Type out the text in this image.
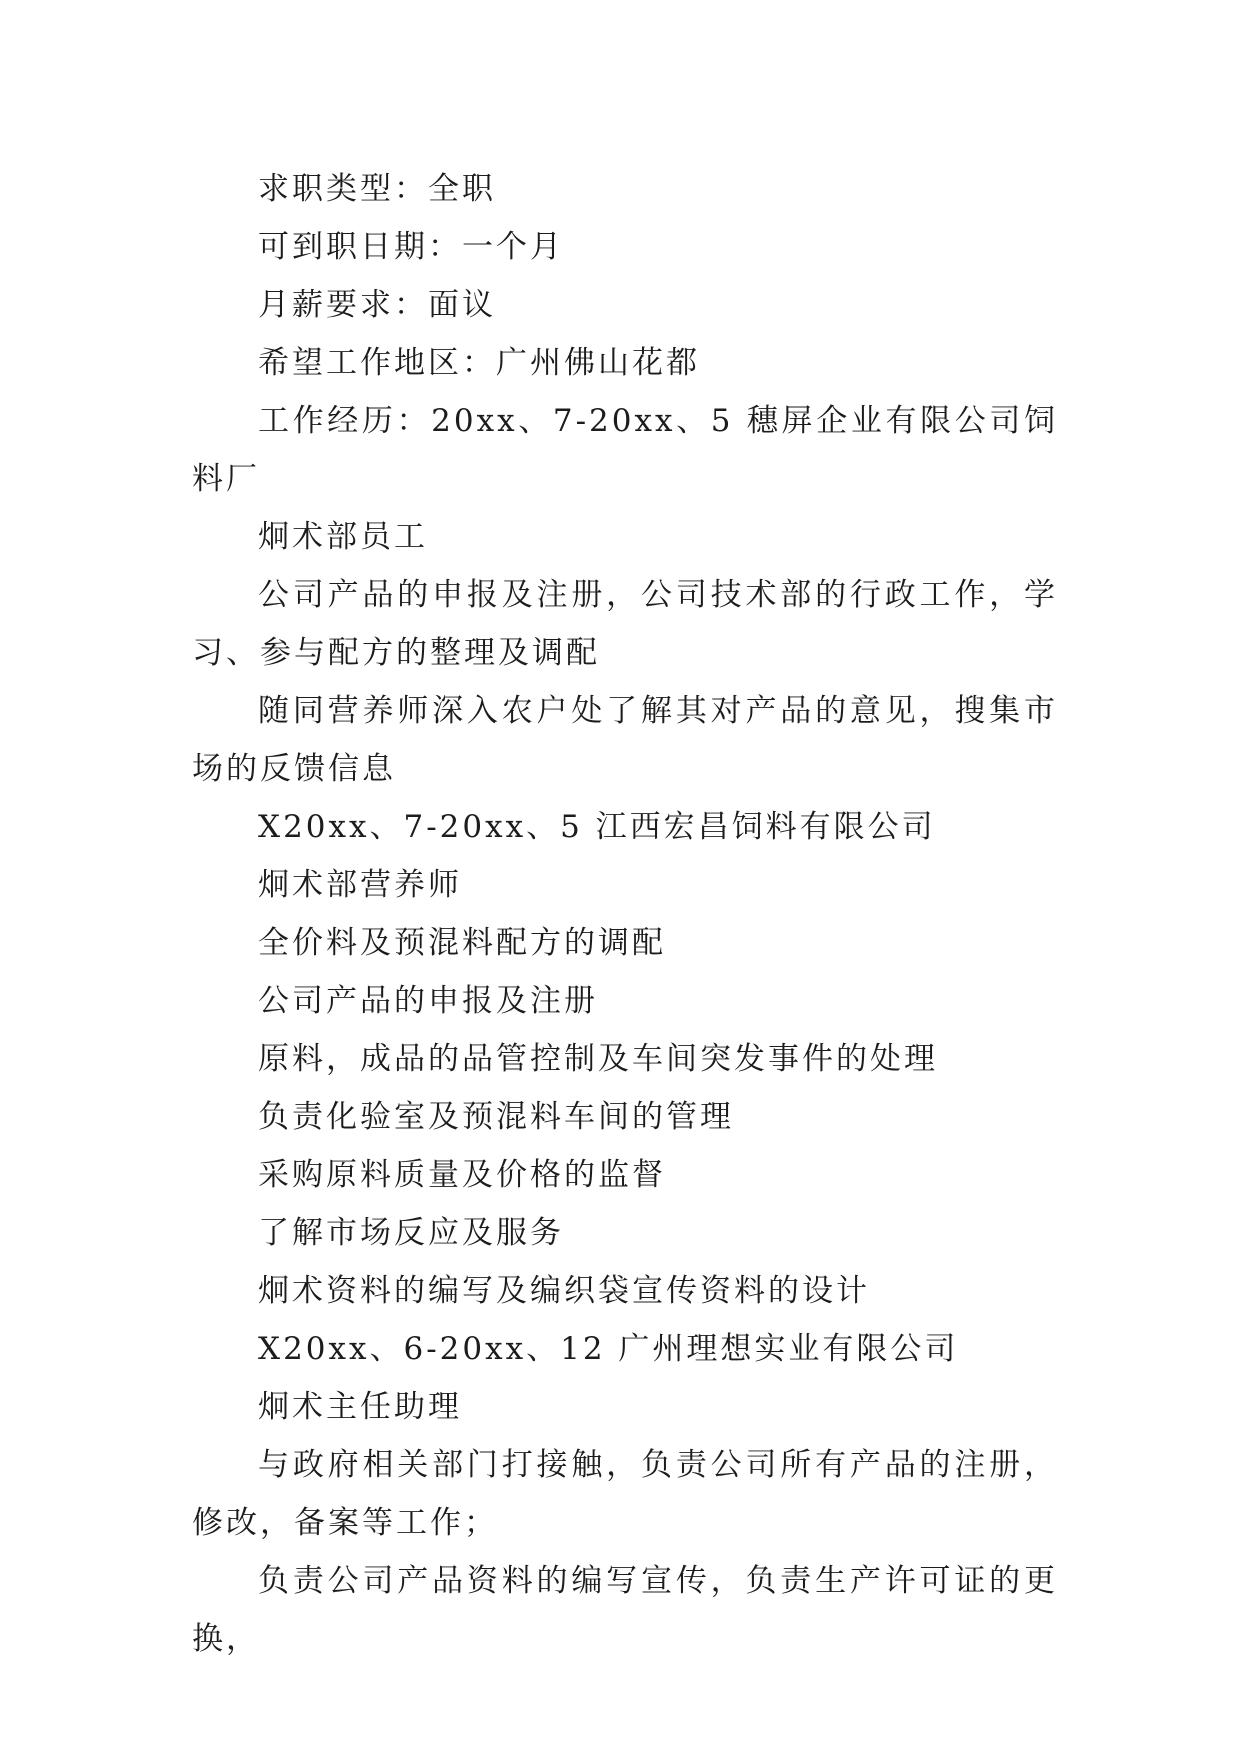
求职类型：全职

可到职日期：一个月

月薪要求：面议

希望工作地区：广州佛山花都

工作经历：20xx、7-20xx、5 穗屏企业有限公司饲料厂

炯术部员工

公司产品的申报及注册，公司技术部的行政工作，学习、参与配方的整理及调配

随同营养师深入农户处了解其对产品的意见，搜集市场的反馈信息

X20xx、7-20xx、5 江西宏昌饲料有限公司

炯术部营养师

全价料及预混料配方的调配

公司产品的申报及注册

原料，成品的品管控制及车间突发事件的处理

负责化验室及预混料车间的管理

采购原料质量及价格的监督

了解市场反应及服务

炯术资料的编写及编织袋宣传资料的设计

X20xx、6-20xx、12 广州理想实业有限公司

炯术主任助理

与政府相关部门打接触，负责公司所有产品的注册，修改，备案等工作；

负责公司产品资料的编写宣传，负责生产许可证的更换，
